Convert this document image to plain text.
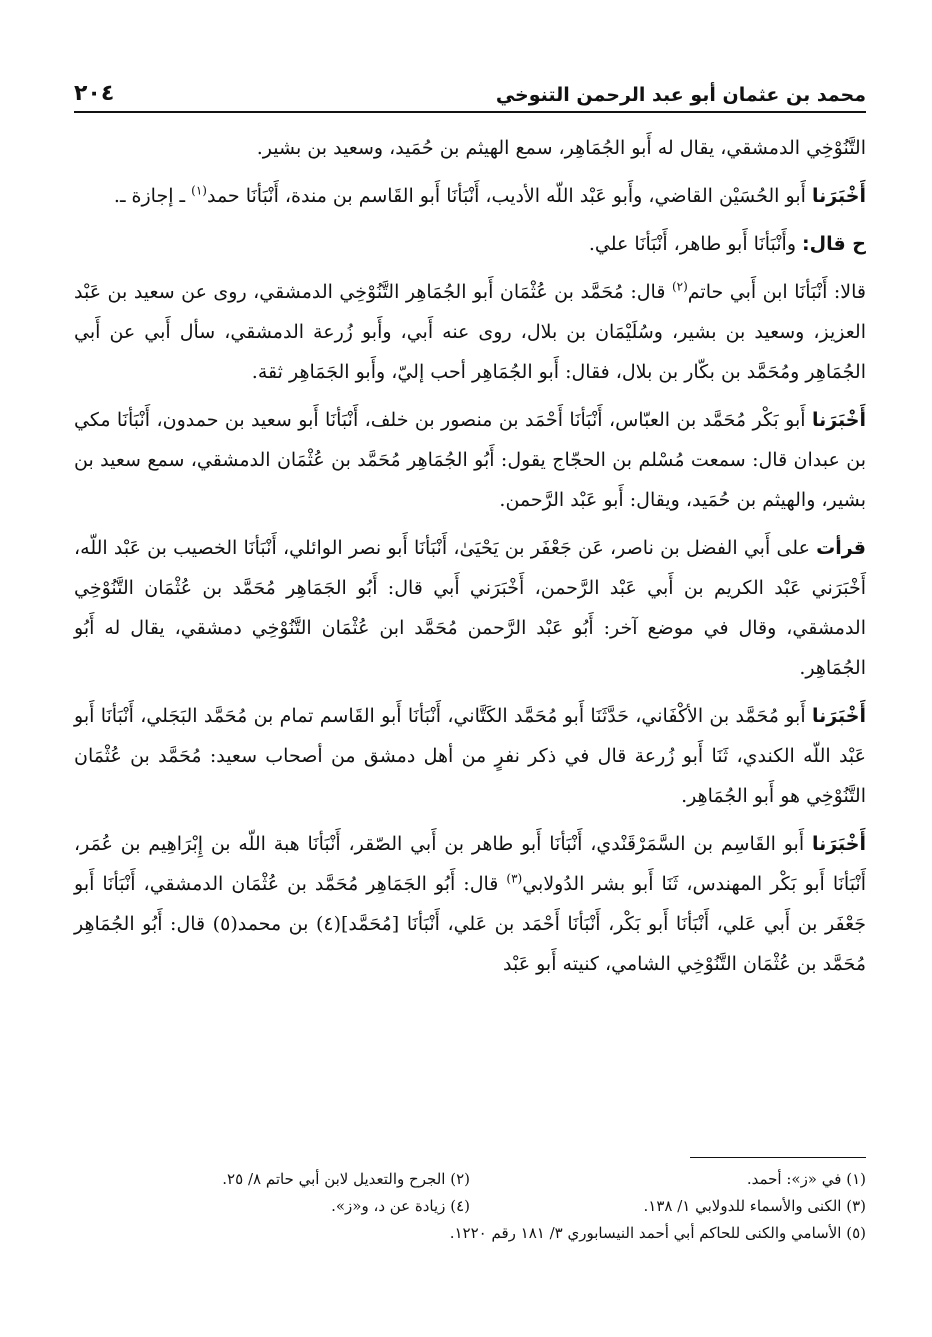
محمد بن عثمان أبو عبد الرحمن التنوخي
٢٠٤

التَّنُوْخِي الدمشقي، يقال له أَبو الجُمَاهِر، سمع الهيثم بن حُمَيد، وسعيد بن بشير.

أَخْبَرَنا أَبو الحُسَيْن القاضي، وأَبو عَبْد اللّه الأديب، أَنْبَأنَا أَبو القَاسم بن مندة، أَنْبَأنَا حمد$^{(١)}$ ـ إجازة ـ.

ح قال: وأَنْبَأنَا أَبو طاهر، أَنْبَأنَا علي.

قالا: أَنْبَأنَا ابن أَبي حاتم$^{(٢)}$ قال: مُحَمَّد بن عُثْمَان أَبو الجُمَاهِر التَّنُوْخِي الدمشقي، روى عن سعيد بن عَبْد العزيز، وسعيد بن بشير، وسُلَيْمَان بن بلال، روى عنه أَبي، وأَبو زُرعة الدمشقي، سأل أَبي عن أَبي الجُمَاهِر ومُحَمَّد بن بكّار بن بلال، فقال: أَبو الجُمَاهِر أحب إليّ، وأَبو الجَمَاهِر ثقة.

أَخْبَرَنا أَبو بَكْر مُحَمَّد بن العبّاس، أَنْبَأنَا أَحْمَد بن منصور بن خلف، أَنْبَأنَا أَبو سعيد بن حمدون، أَنْبَأنَا مكي بن عبدان قال: سمعت مُسْلم بن الحجّاج يقول: أَبُو الجُمَاهِر مُحَمَّد بن عُثْمَان الدمشقي، سمع سعيد بن بشير، والهيثم بن حُمَيد، ويقال: أَبو عَبْد الرَّحمن.

قرأت على أَبي الفضل بن ناصر، عَن جَعْفَر بن يَحْيَىٰ، أَنْبَأنَا أَبو نصر الوائلي، أَنْبَأنَا الخصيب بن عَبْد اللّه، أَخْبَرَني عَبْد الكريم بن أَبي عَبْد الرَّحمن، أَخْبَرَني أَبي قال: أَبُو الجَمَاهِر مُحَمَّد بن عُثْمَان التَّنُوْخِي الدمشقي، وقال في موضع آخر: أَبُو عَبْد الرَّحمن مُحَمَّد ابن عُثْمَان التَّنُوْخِي دمشقي، يقال له أَبُو الجُمَاهِر.

أَخْبَرَنا أَبو مُحَمَّد بن الأكْفَاني، حَدَّثَنَا أَبو مُحَمَّد الكَتَّاني، أَنْبَأنَا أَبو القَاسم تمام بن مُحَمَّد البَجَلي، أَنْبَأنَا أَبو عَبْد اللّه الكندي، ثَنَا أَبو زُرعة قال في ذكر نفرٍ من أهل دمشق من أصحاب سعيد: مُحَمَّد بن عُثْمَان التَّنُوْخِي هو أَبو الجُمَاهِر.

أَخْبَرَنا أَبو القَاسِم بن السَّمَرْقَنْدي، أَنْبَأنَا أَبو طاهر بن أَبي الصّقر، أَنْبَأنَا هبة اللّه بن إِبْرَاهِيم بن عُمَر، أَنْبَأنَا أَبو بَكْر المهندس، ثَنَا أَبو بشر الدُولابي$^{(٣)}$ قال: أَبُو الجَمَاهِر مُحَمَّد بن عُثْمَان الدمشقي، أَنْبَأنَا أَبو جَعْفَر بن أَبي عَلي، أَنْبَأنَا أَبو بَكْر، أَنْبَأنَا أَحْمَد بن عَلي، أَنْبَأنَا [مُحَمَّد](٤) بن محمد(٥) قال: أَبُو الجُمَاهِر مُحَمَّد بن عُثْمَان التَّنُوْخِي الشامي، كنيته أَبو عَبْد

(١) في «ز»: أحمد.
(٢) الجرح والتعديل لابن أبي حاتم ٨/ ٢٥.
(٣) الكنى والأسماء للدولابي ١/ ١٣٨.
(٤) زيادة عن د، و«ز».
(٥) الأسامي والكنى للحاكم أبي أحمد النيسابوري ٣/ ١٨١ رقم ١٢٢٠.
